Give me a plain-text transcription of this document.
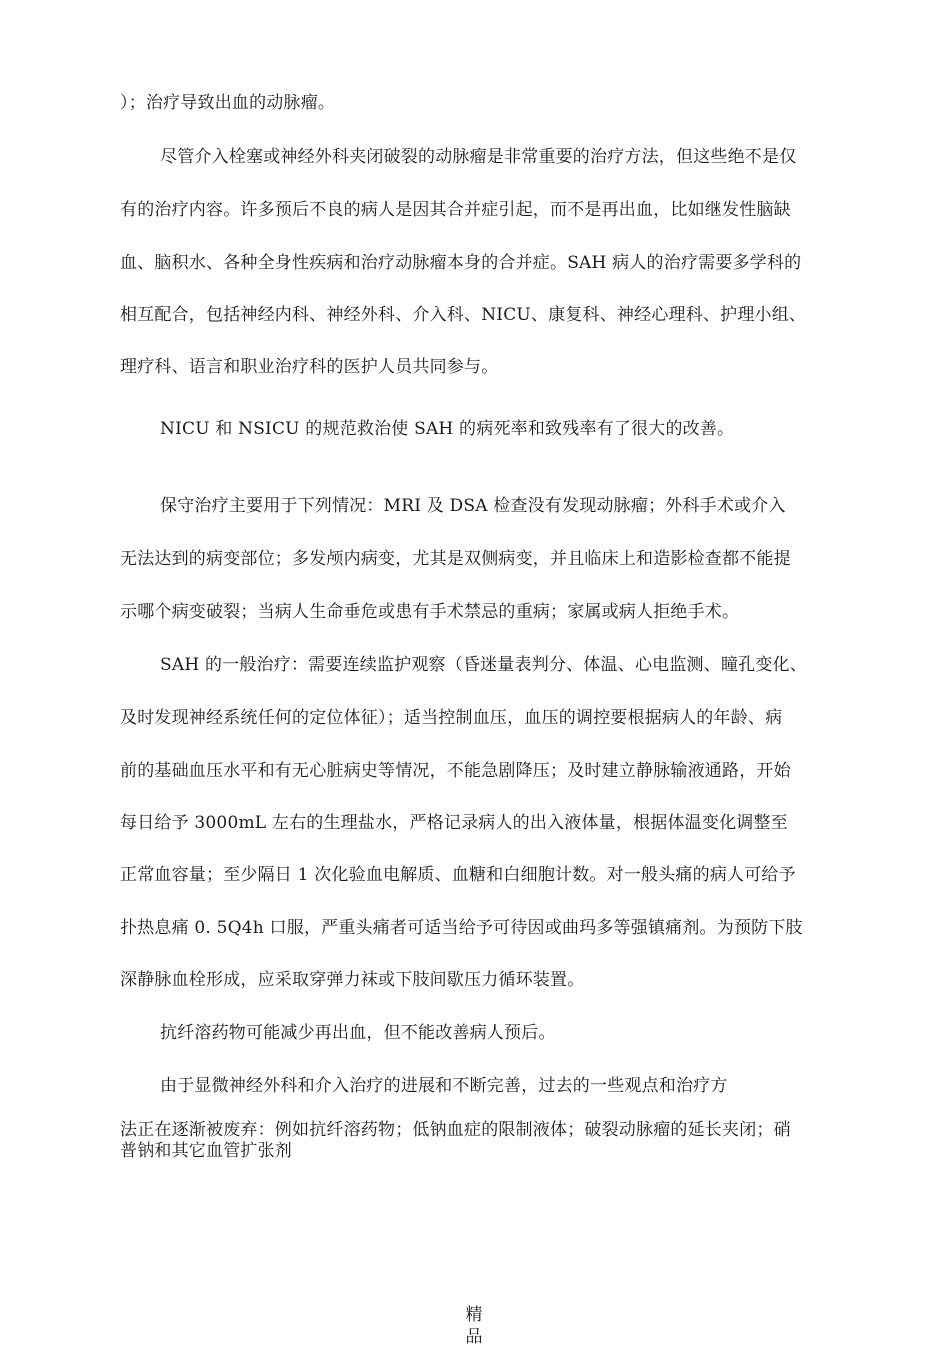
）；治疗导致出血的动脉瘤。
尽管介入栓塞或神经外科夹闭破裂的动脉瘤是非常重要的治疗方法，但这些绝不是仅
有的治疗内容。许多预后不良的病人是因其合并症引起，而不是再出血，比如继发性脑缺
血、脑积水、各种全身性疾病和治疗动脉瘤本身的合并症。SAH 病人的治疗需要多学科的
相互配合，包括神经内科、神经外科、介入科、NICU、康复科、神经心理科、护理小组、
理疗科、语言和职业治疗科的医护人员共同参与。
NICU 和 NSICU 的规范救治使 SAH 的病死率和致残率有了很大的改善。
保守治疗主要用于下列情况：MRI 及 DSA 检查没有发现动脉瘤；外科手术或介入
无法达到的病变部位；多发颅内病变，尤其是双侧病变，并且临床上和造影检查都不能提
示哪个病变破裂；当病人生命垂危或患有手术禁忌的重病；家属或病人拒绝手术。
SAH 的一般治疗：需要连续监护观察（昏迷量表判分、体温、心电监测、瞳孔变化、
及时发现神经系统任何的定位体征）；适当控制血压，血压的调控要根据病人的年龄、病
前的基础血压水平和有无心脏病史等情况，不能急剧降压；及时建立静脉输液通路，开始
每日给予 3000mL 左右的生理盐水，严格记录病人的出入液体量，根据体温变化调整至
正常血容量；至少隔日 1 次化验血电解质、血糖和白细胞计数。对一般头痛的病人可给予
扑热息痛 0. 5Q4h 口服，严重头痛者可适当给予可待因或曲玛多等强镇痛剂。为预防下肢
深静脉血栓形成，应采取穿弹力袜或下肢间歇压力循环装置。
抗纤溶药物可能减少再出血，但不能改善病人预后。
由于显微神经外科和介入治疗的进展和不断完善，过去的一些观点和治疗方
法正在逐渐被废弃：例如抗纤溶药物；低钠血症的限制液体；破裂动脉瘤的延长夹闭；硝
普钠和其它血管扩张剂
精品
